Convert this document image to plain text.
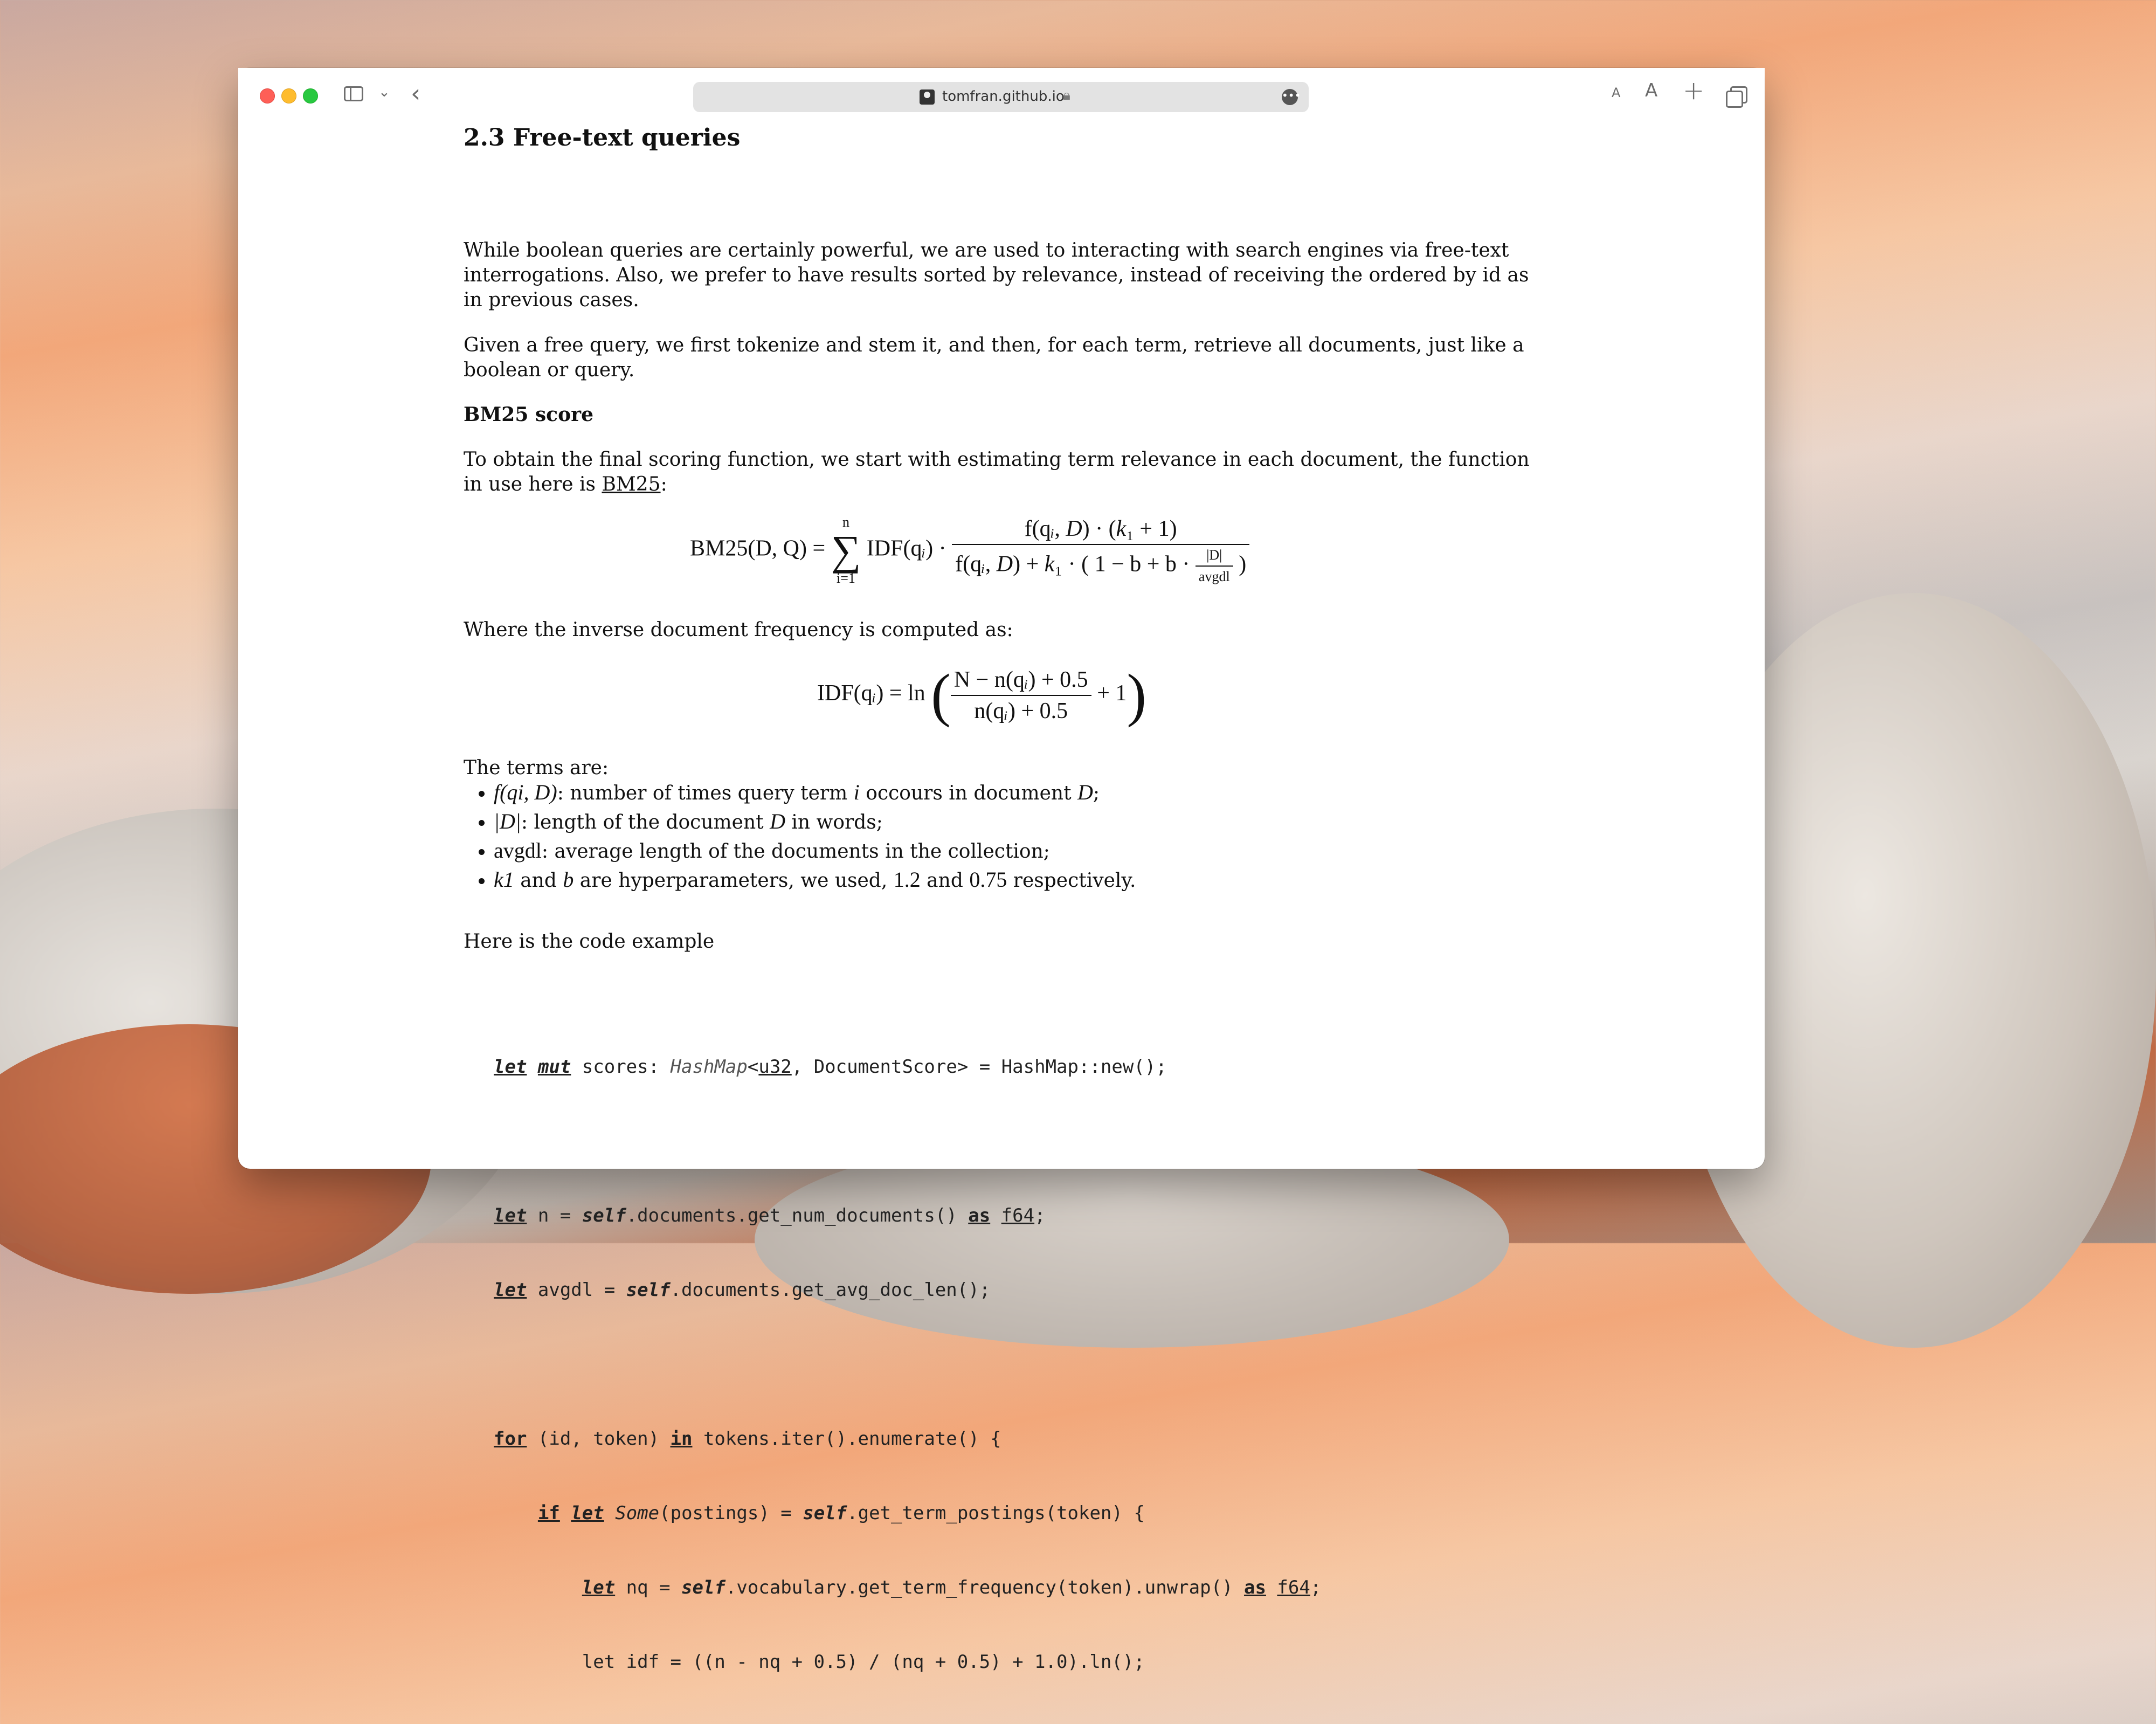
⌄ ‹	tomfran.github.io
🔒︎	•••	A A +
2.3 Free-text queries

While boolean queries are certainly powerful, we are used to interacting with search engines via free-text interrogations. Also, we prefer to have results sorted by relevance, instead of receiving the ordered by id as in previous cases.

Given a free query, we first tokenize and stem it, and then, for each term, retrieve all documents, just like a boolean or query.

BM25 score

To obtain the final scoring function, we start with estimating term relevance in each document, the function in use here is BM25:

BM25(D, Q) =
n
∑
i=1
IDF(qᵢ) · $\frac{\text{f(qᵢ, D) · (k₁ + 1)}}{f(qᵢ, D) + k_1 \cdot ( 1 - b + b \cdot \frac{|D|}{\text{avgdl}} )}$

Where the inverse document frequency is computed as:

IDF(qᵢ) = ln ( $\frac{\text{N − n(qᵢ) + 0.5}}{\text{n(qᵢ) + 0.5}} + 1$)

The terms are:

• f(qi, D): number of times query term i occours in document D;
• |D|: length of the document D in words;
• avgdl: average length of the documents in the collection;
• k1 and b are hyperparameters, we used, 1.2 and 0.75 respectively.

Here is the code example

let mut scores: HashMap<u32, DocumentScore> = HashMap::new();

let n = self.documents.get_num_documents() as f64;

let avgdl = self.documents.get_avg_doc_len();

for (id, token) in tokens.iter().enumerate() {

if let Some(postings) = self.get_term_postings(token) {

let nq = self.vocabulary.get_term_frequency(token).unwrap() as f64;

let idf = ((n - nq + 0.5) / (nq + 0.5) + 1.0).ln();
